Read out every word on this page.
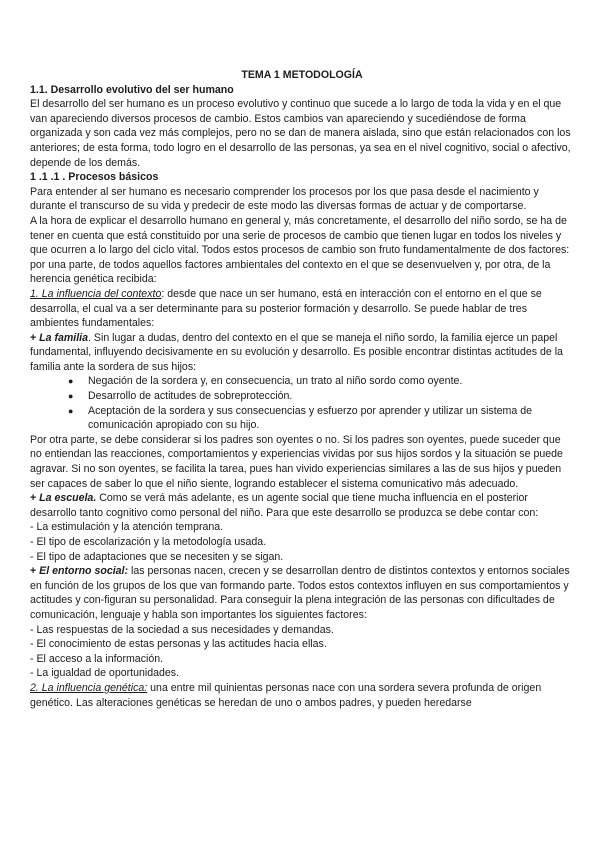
TEMA 1 METODOLOGÍA

1.1. Desarrollo evolutivo del ser humano

El desarrollo del ser humano es un proceso evolutivo y continuo que sucede a lo largo de toda la vida y en el que van apareciendo diversos procesos de cambio. Estos cambios van apareciendo y sucediéndose de forma organizada y son cada vez más complejos, pero no se dan de manera aislada, sino que están relacionados con los anteriores; de esta forma, todo logro en el desarrollo de las personas, ya sea en el nivel cognitivo, social o afectivo, depende de los demás.

1 .1 .1 . Procesos básicos

Para entender al ser humano es necesario comprender los procesos por los que pasa desde el nacimiento y durante el transcurso de su vida y predecir de este modo las diversas formas de actuar y de comportarse.

A la hora de explicar el desarrollo humano en general y, más concretamente, el desarrollo del niño sordo, se ha de tener en cuenta que está constituido por una serie de procesos de cambio que tienen lugar en todos los niveles y que ocurren a lo largo del ciclo vital. Todos estos procesos de cambio son fruto fundamentalmente de dos factores: por una parte, de todos aquellos factores ambientales del contexto en el que se desenvuelven y, por otra, de la herencia genética recibida:

1. La influencia del contexto: desde que nace un ser humano, está en interacción con el entorno en el que se desarrolla, el cual va a ser determinante para su posterior formación y desarrollo. Se puede hablar de tres ambientes fundamentales:

+ La familia. Sin lugar a dudas, dentro del contexto en el que se maneja el niño sordo, la familia ejerce un papel fundamental, influyendo decisivamente en su evolución y desarrollo. Es posible encontrar distintas actitudes de la familia ante la sordera de sus hijos:

● Negación de la sordera y, en consecuencia, un trato al niño sordo como oyente.
● Desarrollo de actitudes de sobreprotección.
● Aceptación de la sordera y sus consecuencias y esfuerzo por aprender y utilizar un sistema de comunicación apropiado con su hijo.

Por otra parte, se debe considerar si los padres son oyentes o no. Si los padres son oyentes, puede suceder que no entiendan las reacciones, comportamientos y experiencias vividas por sus hijos sordos y la situación se puede agravar. Si no son oyentes, se facilita la tarea, pues han vivido experiencias similares a las de sus hijos y pueden ser capaces de saber lo que el niño siente, logrando establecer el sistema comunicativo más adecuado.

+ La escuela. Como se verá más adelante, es un agente social que tiene mucha influencia en el posterior desarrollo tanto cognitivo como personal del niño. Para que este desarrollo se produzca se debe contar con:

- La estimulación y la atención temprana.

- El tipo de escolarización y la metodología usada.

- El tipo de adaptaciones que se necesiten y se sigan.

+ El entorno social: las personas nacen, crecen y se desarrollan dentro de distintos contextos y entornos sociales en función de los grupos de los que van formando parte. Todos estos contextos influyen en sus comportamientos y actitudes y con-figuran su personalidad. Para conseguir la plena integración de las personas con dificultades de comunicación, lenguaje y habla son importantes los siguientes factores:

- Las respuestas de la sociedad a sus necesidades y demandas.

- El conocimiento de estas personas y las actitudes hacia ellas.

- El acceso a la información.

- La igualdad de oportunidades.

2. La influencia genética: una entre mil quinientas personas nace con una sordera severa profunda de origen genético. Las alteraciones genéticas se heredan de uno o ambos padres, y pueden heredarse
